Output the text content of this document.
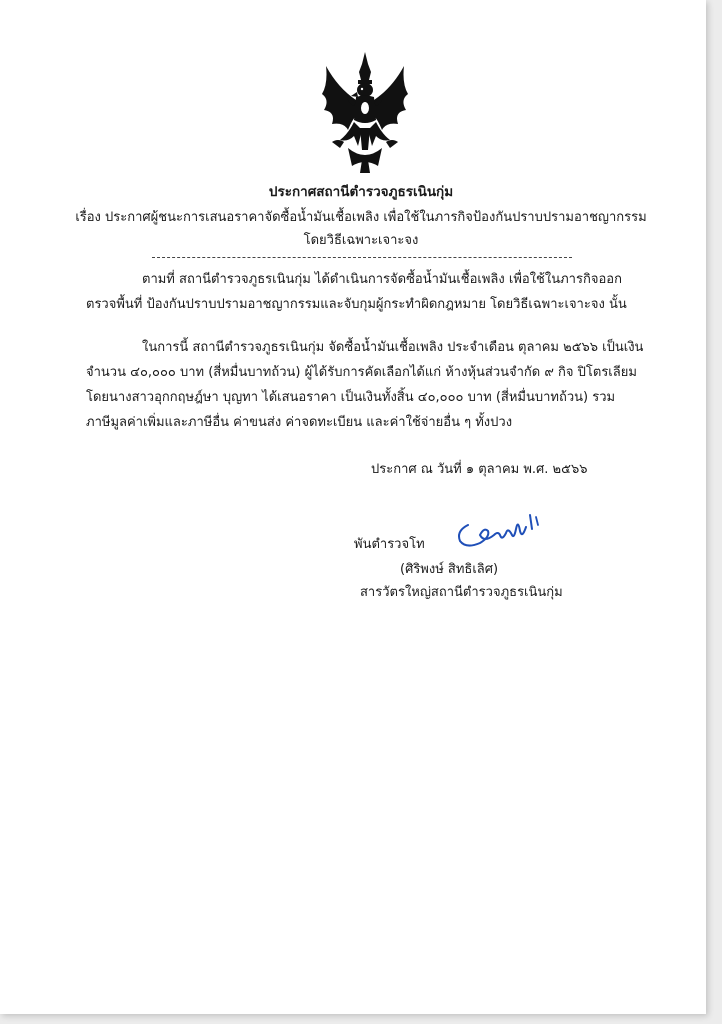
ประกาศสถานีตำรวจภูธรเนินกุ่ม
เรื่อง ประกาศผู้ชนะการเสนอราคาจัดซื้อน้ำมันเชื้อเพลิง เพื่อใช้ในภารกิจป้องกันปราบปรามอาชญากรรม
โดยวิธีเฉพาะเจาะจง
ตามที่ สถานีตำรวจภูธรเนินกุ่ม ได้ดำเนินการจัดซื้อน้ำมันเชื้อเพลิง เพื่อใช้ในภารกิจออก
ตรวจพื้นที่ ป้องกันปราบปรามอาชญากรรมและจับกุมผู้กระทำผิดกฎหมาย โดยวิธีเฉพาะเจาะจง นั้น
ในการนี้ สถานีตำรวจภูธรเนินกุ่ม จัดซื้อน้ำมันเชื้อเพลิง ประจำเดือน ตุลาคม ๒๕๖๖ เป็นเงิน
จำนวน ๔๐,๐๐๐ บาท (สี่หมื่นบาทถ้วน) ผู้ได้รับการคัดเลือกได้แก่ ห้างหุ้นส่วนจำกัด ๙ กิจ ปิโตรเลียม
โดยนางสาวอุกกฤษฎ์ษา บุญทา ได้เสนอราคา เป็นเงินทั้งสิ้น ๔๐,๐๐๐ บาท (สี่หมื่นบาทถ้วน) รวม
ภาษีมูลค่าเพิ่มและภาษีอื่น ค่าขนส่ง ค่าจดทะเบียน และค่าใช้จ่ายอื่น ๆ ทั้งปวง
ประกาศ ณ วันที่ ๑ ตุลาคม พ.ศ. ๒๕๖๖
พันตำรวจโท
(ศิริพงษ์ สิทธิเลิศ)
สารวัตรใหญ่สถานีตำรวจภูธรเนินกุ่ม
